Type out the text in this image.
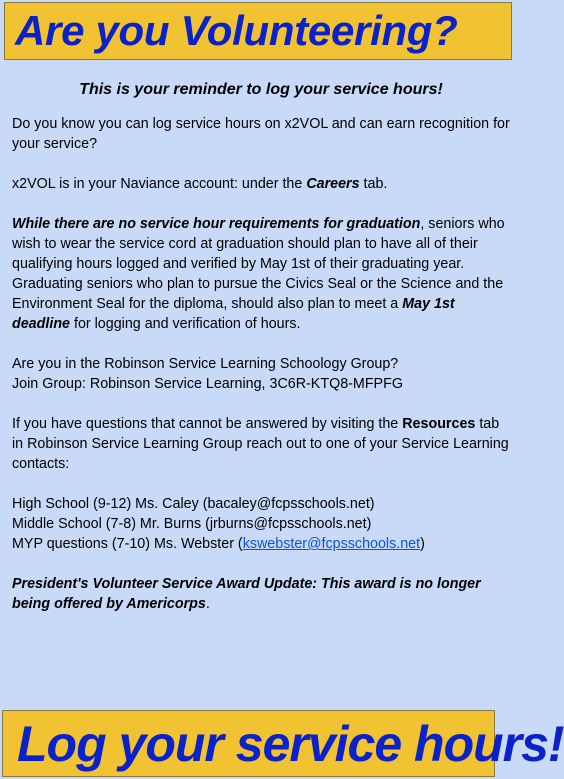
Are you Volunteering?
This is your reminder to log your service hours!

Do you know you can log service hours on x2VOL and can earn recognition for your service?

x2VOL is in your Naviance account: under the Careers tab.

While there are no service hour requirements for graduation, seniors who wish to wear the service cord at graduation should plan to have all of their qualifying hours logged and verified by May 1st of their graduating year. Graduating seniors who plan to pursue the Civics Seal or the Science and the Environment Seal for the diploma, should also plan to meet a May 1st deadline for logging and verification of hours.

Are you in the Robinson Service Learning Schoology Group?
Join Group: Robinson Service Learning, 3C6R-KTQ8-MFPFG

If you have questions that cannot be answered by visiting the Resources tab in Robinson Service Learning Group reach out to one of your Service Learning contacts:

High School (9-12) Ms. Caley (bacaley@fcpsschools.net)
Middle School (7-8) Mr. Burns (jrburns@fcpsschools.net)
MYP questions (7-10) Ms. Webster (kswebster@fcpsschools.net)

President's Volunteer Service Award Update: This award is no longer being offered by Americorps.

Log your service hours!
